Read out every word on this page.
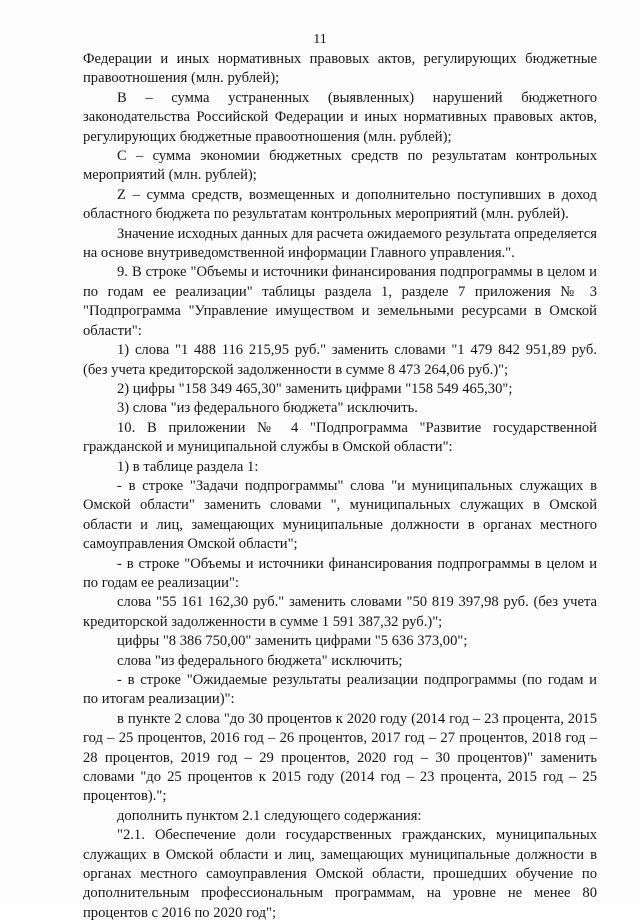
11

Федерации и иных нормативных правовых актов, регулирующих бюджетные правоотношения (млн. рублей);

В – сумма устраненных (выявленных) нарушений бюджетного законодательства Российской Федерации и иных нормативных правовых актов, регулирующих бюджетные правоотношения (млн. рублей);

С – сумма экономии бюджетных средств по результатам контрольных мероприятий (млн. рублей);

Z – сумма средств, возмещенных и дополнительно поступивших в доход областного бюджета по результатам контрольных мероприятий (млн. рублей).

Значение исходных данных для расчета ожидаемого результата определяется на основе внутриведомственной информации Главного управления.".

9. В строке "Объемы и источники финансирования подпрограммы в целом и по годам ее реализации" таблицы раздела 1, разделе 7 приложения № 3 "Подпрограмма "Управление имуществом и земельными ресурсами в Омской области":

1) слова "1 488 116 215,95 руб." заменить словами "1 479 842 951,89 руб. (без учета кредиторской задолженности в сумме 8 473 264,06 руб.)";

2) цифры "158 349 465,30" заменить цифрами "158 549 465,30";

3) слова "из федерального бюджета" исключить.

10. В приложении № 4 "Подпрограмма "Развитие государственной гражданской и муниципальной службы в Омской области":

1) в таблице раздела 1:

- в строке "Задачи подпрограммы" слова "и муниципальных служащих в Омской области" заменить словами ", муниципальных служащих в Омской области и лиц, замещающих муниципальные должности в органах местного самоуправления Омской области";

- в строке "Объемы и источники финансирования подпрограммы в целом и по годам ее реализации":

слова "55 161 162,30 руб." заменить словами "50 819 397,98 руб. (без учета кредиторской задолженности в сумме 1 591 387,32 руб.)";

цифры "8 386 750,00" заменить цифрами "5 636 373,00";

слова "из федерального бюджета" исключить;

- в строке "Ожидаемые результаты реализации подпрограммы (по годам и по итогам реализации)":

в пункте 2 слова "до 30 процентов к 2020 году (2014 год – 23 процента, 2015 год – 25 процентов, 2016 год – 26 процентов, 2017 год – 27 процентов, 2018 год – 28 процентов, 2019 год – 29 процентов, 2020 год – 30 процентов)" заменить словами "до 25 процентов к 2015 году (2014 год – 23 процента, 2015 год – 25 процентов).";

дополнить пунктом 2.1 следующего содержания:

"2.1. Обеспечение доли государственных гражданских, муниципальных служащих в Омской области и лиц, замещающих муниципальные должности в органах местного самоуправления Омской области, прошедших обучение по дополнительным профессиональным программам, на уровне не менее 80 процентов с 2016 по 2020 год";
